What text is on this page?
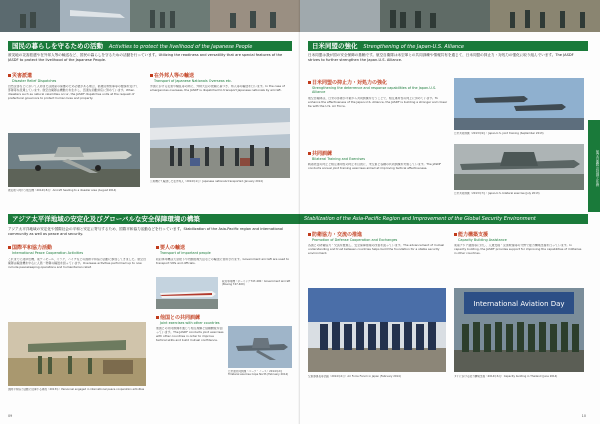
国民の暮らしを守るための活動 Activities to protect the livelihood of the Japanese People
被災地の災害派遣や在外邦人等の輸送など、国民の暮らしを守るための活動を行っています。Utilizing the readiness and versatility that are special features of the JASDF to protect the livelihood of the Japanese People.
災害派遣
Disaster Relief Dispatches
自然災害などにおいて人命または財産の保護のため必要がある場合、都道府県知事等の要請を受けて部隊等を派遣しています。航空自衛隊は機動力を生かし、迅速な初動対応に努めています。When disasters such as natural calamities occur, the JASDF dispatches units at the request of prefectural governors to protect human lives and property.
被災地へ向かう航空機（2014年8月）Aircraft heading to a disaster area (August 2014)
在外邦人等の輸送
Transport of Japanese Nationals Overseas etc.
外国における災害や騒乱等の際に、外務大臣の依頼に基づき、邦人等の輸送を行います。In the case of emergencies overseas, the JASDF is dispatched to transport Japanese nationals by aircraft.
公用機にて輸送した在外邦人（2014年1月）Japanese nationals transported (January 2014)
アジア太平洋地域の安定化及びグローバルな安全保障環境の構築
アジア太平洋地域の安定化や国際社会の平和と安定に寄与するため、国際平和協力活動などを行っています。Stabilization of the Asia-Pacific region and international community as well as peace and security.
国際平和協力活動
International Peace Cooperation Activities
これまでに湾岸危機、東ティモール、イラク、ハイチなどの国際平和協力活動に参加してきました。航空自衛隊は輸送機を中心に人員・物資の輸送を担っています。Overseas activities performed up to now include peacekeeping operations and humanitarian relief.
国際平和協力活動に従事する隊員（2013年）Personnel engaged in international peace cooperation activities
要人の輸送
Transport of important people
政府専用機は天皇陛下や内閣総理大臣などの輸送に使用されます。Government aircraft are used to transport VIPs and officials.
政府専用機（ボーイング747-400）Government aircraft (Boeing 747-400)
他国との共同訓練
Joint exercises with other countries
他国との共同訓練を通じて相互理解と信頼醸成を図っています。The JASDF conducts joint exercises with other countries in order to improve tactical skills and build mutual confidence.
日米豪共同訓練（コープ・ノース）2014年2月 Trilateral exercise Cope North (February 2014)
09
日米同盟の強化 Strengthening of the Japan-U.S. Alliance
日米同盟は我が国の安全保障の基軸です。航空自衛隊は米空軍との共同訓練や情報共有を通じて、日米同盟の抑止力・対処力の強化に取り組んでいます。The JASDF strives to further strengthen the Japan-U.S. Alliance.
日米同盟の抑止力・対処力の強化
Strengthening the deterrence and response capabilities of the Japan-U.S. Alliance
航空自衛隊は、日米の部隊が平素から共同訓練を行うことで、相互運用性の向上に努めています。To enhance the effectiveness of the Japan-U.S. Alliance, the JASDF is building a stronger and closer tie with the U.S. Air Force.
共同訓練
Bilateral Training and Exercises
戦術技量の向上と相互運用性の向上を目的に、米空軍と各種の共同訓練を実施しています。The JASDF conducts annual joint training exercises aimed at improving tactical effectiveness.
日米共同訓練（2013年9月）Japan-U.S. joint training (September 2013)
日米共同訓練（2013年7月）Japan-U.S. bilateral exercise (July 2013)
Stabilization of the Asia-Pacific Region and Improvement of the Global Security Environment
防衛協力・交流の推進
Promotion of Defense Cooperation and Exchanges
各国との防衛協力・交流を推進し、安全保障環境の改善を図っています。The advancement of mutual understanding and trust between countries helps build the foundation for a stable security environment.
空軍参謀長等会議（2014年2月）Air Force Forum in Japan (February 2014)
能力構築支援
Capacity Building Assistance
東南アジア諸国等に対し、人道支援・災害救援等の分野で能力構築支援を行っています。In capacity building, the JASDF provides support for improving the capabilities of militaries in other countries.
International Aviation Day
タイにおける能力構築支援（2014年6月）Capacity building in Thailand (June 2014)
10
航空自衛隊の役割と任務
